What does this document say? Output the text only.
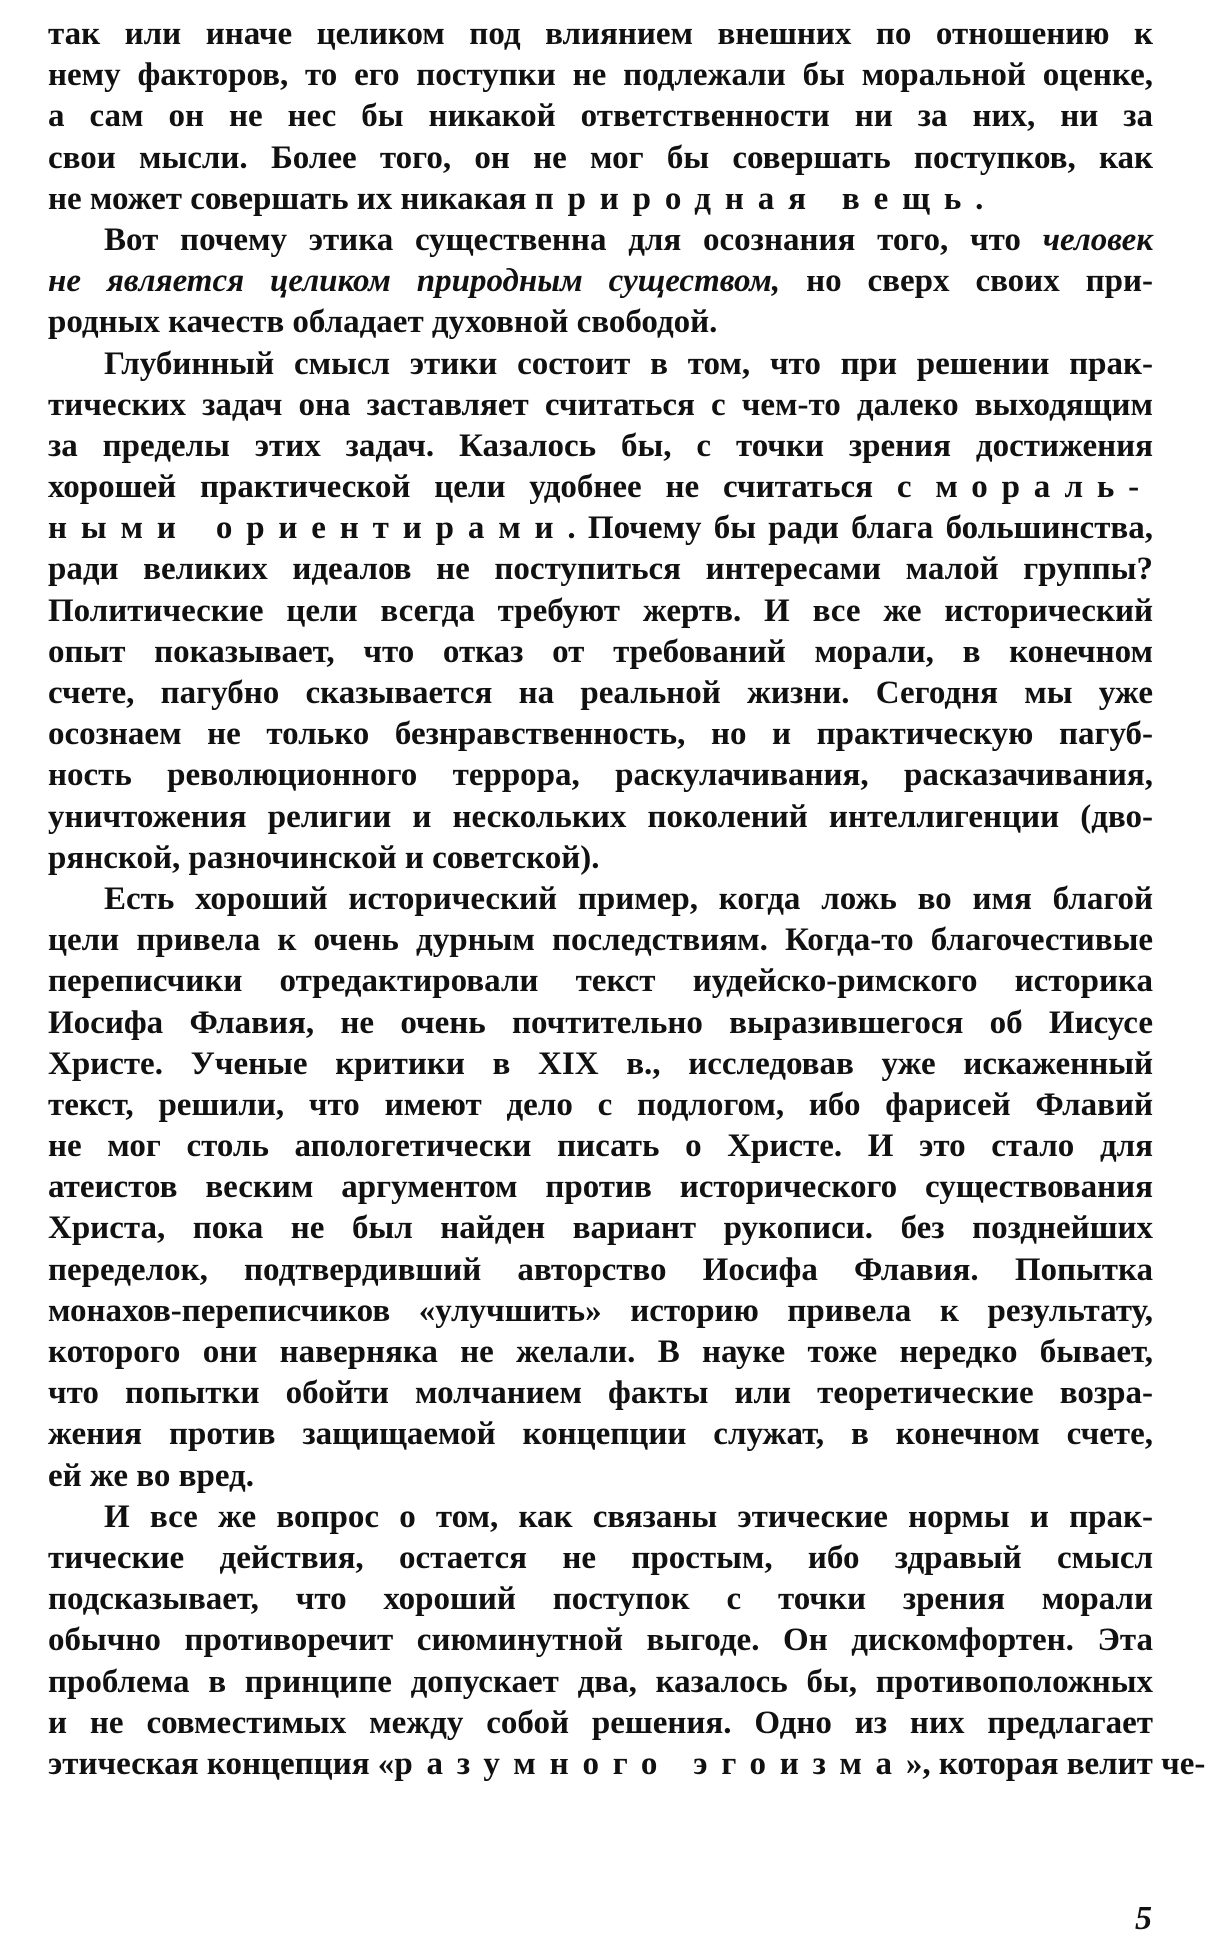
так или иначе целиком под влиянием внешних по отношению к
нему факторов, то его поступки не подлежали бы моральной оценке,
а сам он не нес бы никакой ответственности ни за них, ни за
свои мысли. Более того, он не мог бы совершать поступков, как
не может совершать их никакая природная вещь.
Вот почему этика существенна для осознания того, что человек
не является целиком природным существом, но сверх своих при-
родных качеств обладает духовной свободой.
Глубинный смысл этики состоит в том, что при решении прак-
тических задач она заставляет считаться с чем-то далеко выходящим
за пределы этих задач. Казалось бы, с точки зрения достижения
хорошей практической цели удобнее не считаться с мораль-
ными ориентирами. Почему бы ради блага большинства,
ради великих идеалов не поступиться интересами малой группы?
Политические цели всегда требуют жертв. И все же исторический
опыт показывает, что отказ от требований морали, в конечном
счете, пагубно сказывается на реальной жизни. Сегодня мы уже
осознаем не только безнравственность, но и практическую пагуб-
ность революционного террора, раскулачивания, расказачивания,
уничтожения религии и нескольких поколений интеллигенции (дво-
рянской, разночинской и советской).
Есть хороший исторический пример, когда ложь во имя благой
цели привела к очень дурным последствиям. Когда-то благочестивые
переписчики отредактировали текст иудейско-римского историка
Иосифа Флавия, не очень почтительно выразившегося об Иисусе
Христе. Ученые критики в XIX в., исследовав уже искаженный
текст, решили, что имеют дело с подлогом, ибо фарисей Флавий
не мог столь апологетически писать о Христе. И это стало для
атеистов веским аргументом против исторического существования
Христа, пока не был найден вариант рукописи. без позднейших
переделок, подтвердивший авторство Иосифа Флавия. Попытка
монахов-переписчиков «улучшить» историю привела к результату,
которого они наверняка не желали. В науке тоже нередко бывает,
что попытки обойти молчанием факты или теоретические возра-
жения против защищаемой концепции служат, в конечном счете,
ей же во вред.
И все же вопрос о том, как связаны этические нормы и прак-
тические действия, остается не простым, ибо здравый смысл
подсказывает, что хороший поступок с точки зрения морали
обычно противоречит сиюминутной выгоде. Он дискомфортен. Эта
проблема в принципе допускает два, казалось бы, противоположных
и не совместимых между собой решения. Одно из них предлагает
этическая концепция «разумного эгоизма», которая велит че-
5
